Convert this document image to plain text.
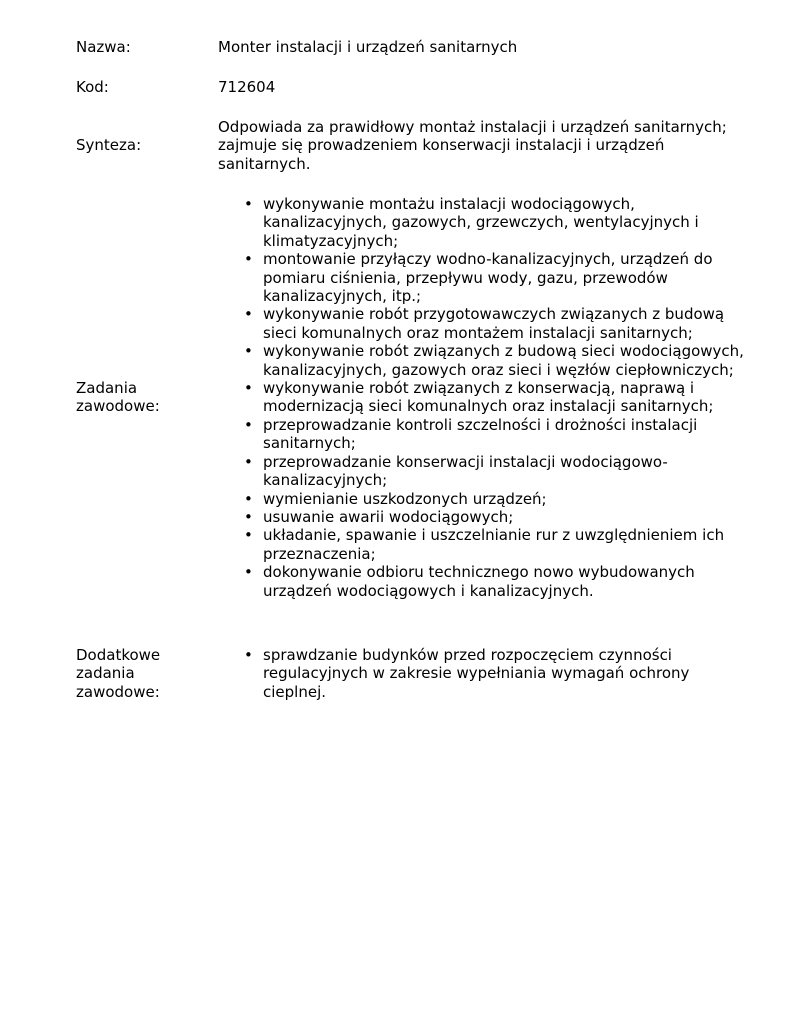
Nazwa:	Monter instalacji i urządzeń sanitarnych
Kod:	712604
Synteza:
Odpowiada za prawidłowy montaż instalacji i urządzeń sanitarnych; zajmuje się prowadzeniem konserwacji instalacji i urządzeń sanitarnych.
Zadania zawodowe:
• wykonywanie montażu instalacji wodociągowych, kanalizacyjnych, gazowych, grzewczych, wentylacyjnych i klimatyzacyjnych;
• montowanie przyłączy wodno-kanalizacyjnych, urządzeń do pomiaru ciśnienia, przepływu wody, gazu, przewodów kanalizacyjnych, itp.;
• wykonywanie robót przygotowawczych związanych z budową sieci komunalnych oraz montażem instalacji sanitarnych;
• wykonywanie robót związanych z budową sieci wodociągowych, kanalizacyjnych, gazowych oraz sieci i węzłów ciepłowniczych;
• wykonywanie robót związanych z konserwacją, naprawą i modernizacją sieci komunalnych oraz instalacji sanitarnych;
• przeprowadzanie kontroli szczelności i drożności instalacji sanitarnych;
• przeprowadzanie konserwacji instalacji wodociągowo-kanalizacyjnych;
• wymienianie uszkodzonych urządzeń;
• usuwanie awarii wodociągowych;
• układanie, spawanie i uszczelnianie rur z uwzględnieniem ich przeznaczenia;
• dokonywanie odbioru technicznego nowo wybudowanych urządzeń wodociągowych i kanalizacyjnych.
Dodatkowe zadania zawodowe:
• sprawdzanie budynków przed rozpoczęciem czynności regulacyjnych w zakresie wypełniania wymagań ochrony cieplnej.
